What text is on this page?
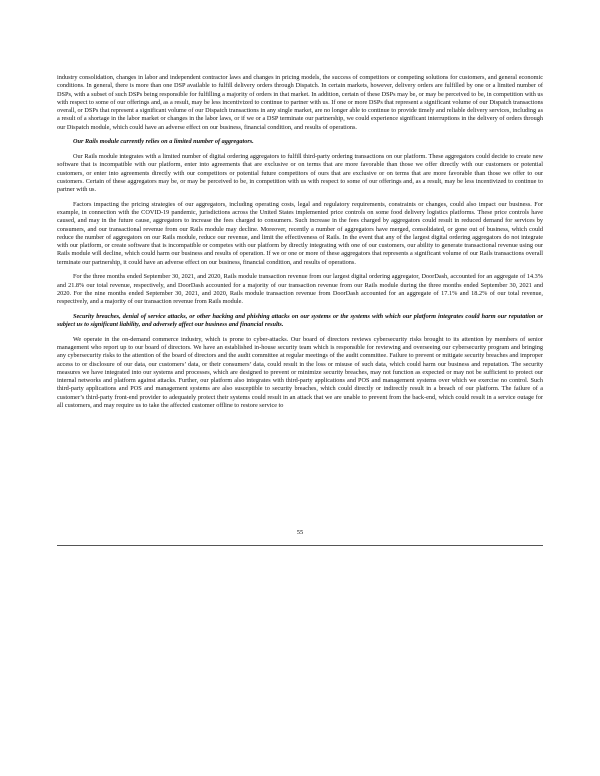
industry consolidation, changes in labor and independent contractor laws and changes in pricing models, the success of competitors or competing solutions for customers, and general economic conditions. In general, there is more than one DSP available to fulfill delivery orders through Dispatch. In certain markets, however, delivery orders are fulfilled by one or a limited number of DSPs, with a subset of such DSPs being responsible for fulfilling a majority of orders in that market. In addition, certain of these DSPs may be, or may be perceived to be, in competition with us with respect to some of our offerings and, as a result, may be less incentivized to continue to partner with us. If one or more DSPs that represent a significant volume of our Dispatch transactions overall, or DSPs that represent a significant volume of our Dispatch transactions in any single market, are no longer able to continue to provide timely and reliable delivery services, including as a result of a shortage in the labor market or changes in the labor laws, or if we or a DSP terminate our partnership, we could experience significant interruptions in the delivery of orders through our Dispatch module, which could have an adverse effect on our business, financial condition, and results of operations.

Our Rails module currently relies on a limited number of aggregators.

Our Rails module integrates with a limited number of digital ordering aggregators to fulfill third-party ordering transactions on our platform. These aggregators could decide to create new software that is incompatible with our platform, enter into agreements that are exclusive or on terms that are more favorable than those we offer directly with our customers or potential customers, or enter into agreements directly with our competitors or potential future competitors of ours that are exclusive or on terms that are more favorable than those we offer to our customers. Certain of these aggregators may be, or may be perceived to be, in competition with us with respect to some of our offerings and, as a result, may be less incentivized to continue to partner with us.

Factors impacting the pricing strategies of our aggregators, including operating costs, legal and regulatory requirements, constraints or changes, could also impact our business. For example, in connection with the COVID-19 pandemic, jurisdictions across the United States implemented price controls on some food delivery logistics platforms. These price controls have caused, and may in the future cause, aggregators to increase the fees charged to consumers. Such increase in the fees charged by aggregators could result in reduced demand for services by consumers, and our transactional revenue from our Rails module may decline. Moreover, recently a number of aggregators have merged, consolidated, or gone out of business, which could reduce the number of aggregators on our Rails module, reduce our revenue, and limit the effectiveness of Rails. In the event that any of the largest digital ordering aggregators do not integrate with our platform, or create software that is incompatible or competes with our platform by directly integrating with one of our customers, our ability to generate transactional revenue using our Rails module will decline, which could harm our business and results of operation. If we or one or more of these aggregators that represents a significant volume of our Rails transactions overall terminate our partnership, it could have an adverse effect on our business, financial condition, and results of operations.

For the three months ended September 30, 2021, and 2020, Rails module transaction revenue from our largest digital ordering aggregator, DoorDash, accounted for an aggregate of 14.3% and 21.8% our total revenue, respectively, and DoorDash accounted for a majority of our transaction revenue from our Rails module during the three months ended September 30, 2021 and 2020. For the nine months ended September 30, 2021, and 2020, Rails module transaction revenue from DoorDash accounted for an aggregate of 17.1% and 18.2% of our total revenue, respectively, and a majority of our transaction revenue from Rails module.

Security breaches, denial of service attacks, or other hacking and phishing attacks on our systems or the systems with which our platform integrates could harm our reputation or subject us to significant liability, and adversely affect our business and financial results.

We operate in the on-demand commerce industry, which is prone to cyber-attacks. Our board of directors reviews cybersecurity risks brought to its attention by members of senior management who report up to our board of directors. We have an established in-house security team which is responsible for reviewing and overseeing our cybersecurity program and bringing any cybersecurity risks to the attention of the board of directors and the audit committee at regular meetings of the audit committee. Failure to prevent or mitigate security breaches and improper access to or disclosure of our data, our customers’ data, or their consumers’ data, could result in the loss or misuse of such data, which could harm our business and reputation. The security measures we have integrated into our systems and processes, which are designed to prevent or minimize security breaches, may not function as expected or may not be sufficient to protect our internal networks and platform against attacks. Further, our platform also integrates with third-party applications and POS and management systems over which we exercise no control. Such third-party applications and POS and management systems are also susceptible to security breaches, which could directly or indirectly result in a breach of our platform. The failure of a customer’s third-party front-end provider to adequately protect their systems could result in an attack that we are unable to prevent from the back-end, which could result in a service outage for all customers, and may require us to take the affected customer offline to restore service to

55
